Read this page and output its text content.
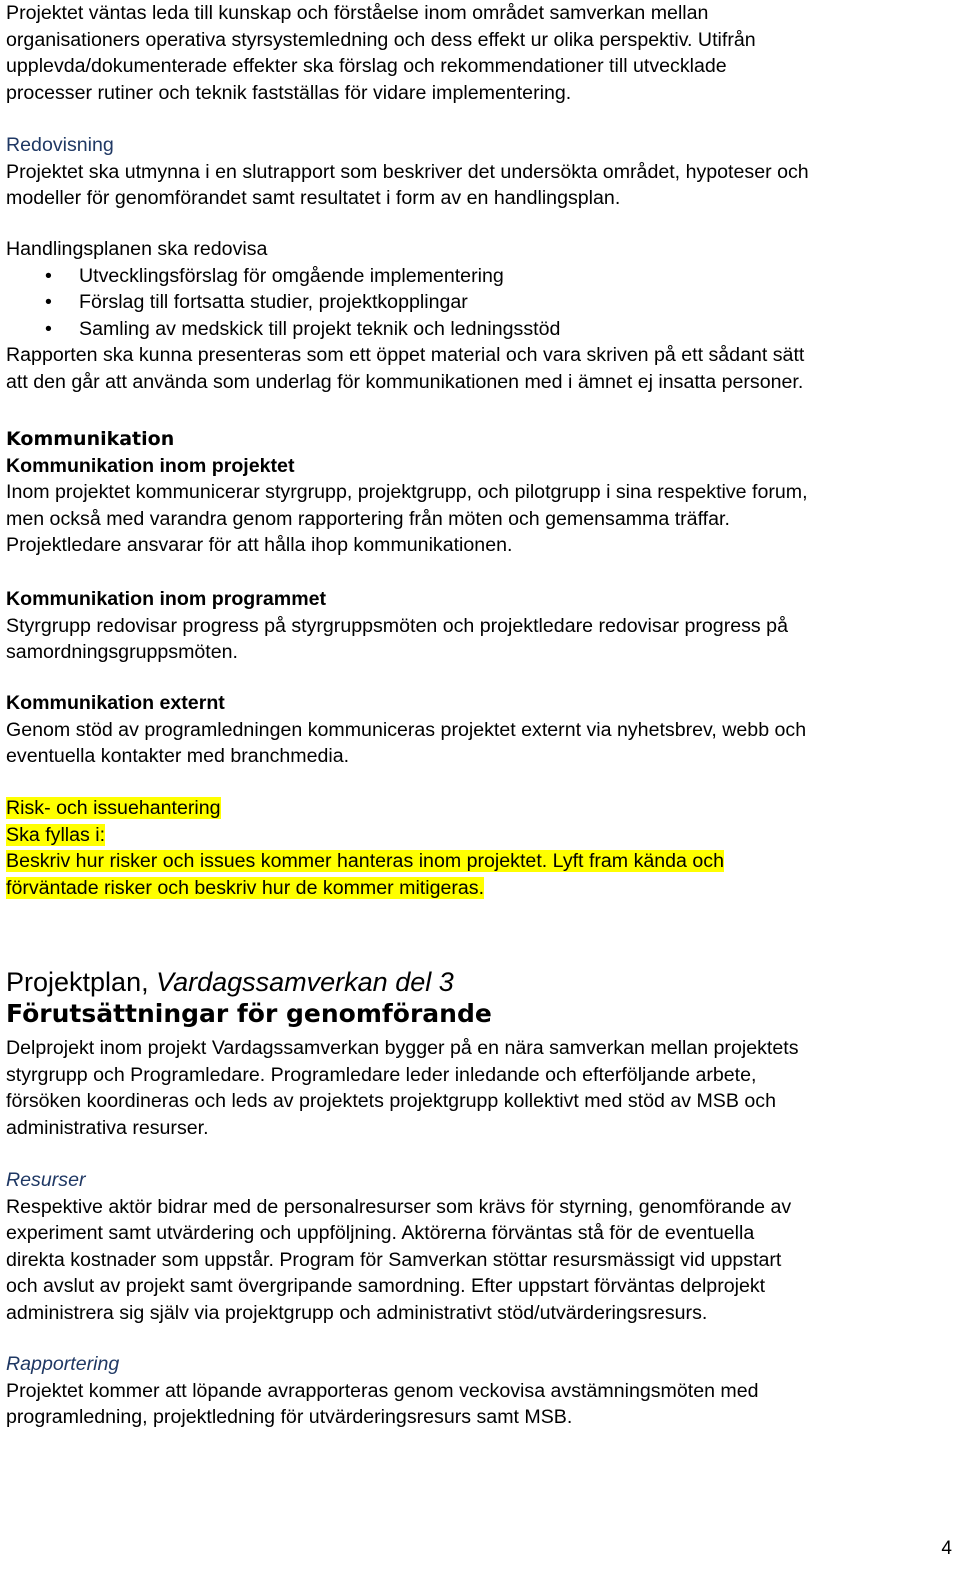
Projektet väntas leda till kunskap och förståelse inom området samverkan mellan
organisationers operativa styrsystemledning och dess effekt ur olika perspektiv. Utifrån
upplevda/dokumenterade effekter ska förslag och rekommendationer till utvecklade
processer rutiner och teknik fastställas för vidare implementering.
Redovisning
Projektet ska utmynna i en slutrapport som beskriver det undersökta området, hypoteser och
modeller för genomförandet samt resultatet i form av en handlingsplan.
Handlingsplanen ska redovisa
• Utvecklingsförslag för omgående implementering
• Förslag till fortsatta studier, projektkopplingar
• Samling av medskick till projekt teknik och ledningsstöd
Rapporten ska kunna presenteras som ett öppet material och vara skriven på ett sådant sätt
att den går att använda som underlag för kommunikationen med i ämnet ej insatta personer.
Kommunikation
Kommunikation inom projektet
Inom projektet kommunicerar styrgrupp, projektgrupp, och pilotgrupp i sina respektive forum,
men också med varandra genom rapportering från möten och gemensamma träffar.
Projektledare ansvarar för att hålla ihop kommunikationen.
Kommunikation inom programmet
Styrgrupp redovisar progress på styrgruppsmöten och projektledare redovisar progress på
samordningsgruppsmöten.
Kommunikation externt
Genom stöd av programledningen kommuniceras projektet externt via nyhetsbrev, webb och
eventuella kontakter med branchmedia.
Risk- och issuehantering
Ska fyllas i:
Beskriv hur risker och issues kommer hanteras inom projektet. Lyft fram kända och
förväntade risker och beskriv hur de kommer mitigeras.
Projektplan, Vardagssamverkan del 3
Förutsättningar för genomförande
Delprojekt inom projekt Vardagssamverkan bygger på en nära samverkan mellan projektets
styrgrupp och Programledare. Programledare leder inledande och efterföljande arbete,
försöken koordineras och leds av projektets projektgrupp kollektivt med stöd av MSB och
administrativa resurser.
Resurser
Respektive aktör bidrar med de personalresurser som krävs för styrning, genomförande av
experiment samt utvärdering och uppföljning. Aktörerna förväntas stå för de eventuella
direkta kostnader som uppstår. Program för Samverkan stöttar resursmässigt vid uppstart
och avslut av projekt samt övergripande samordning. Efter uppstart förväntas delprojekt
administrera sig själv via projektgrupp och administrativt stöd/utvärderingsresurs.
Rapportering
Projektet kommer att löpande avrapporteras genom veckovisa avstämningsmöten med
programledning, projektledning för utvärderingsresurs samt MSB.
4
